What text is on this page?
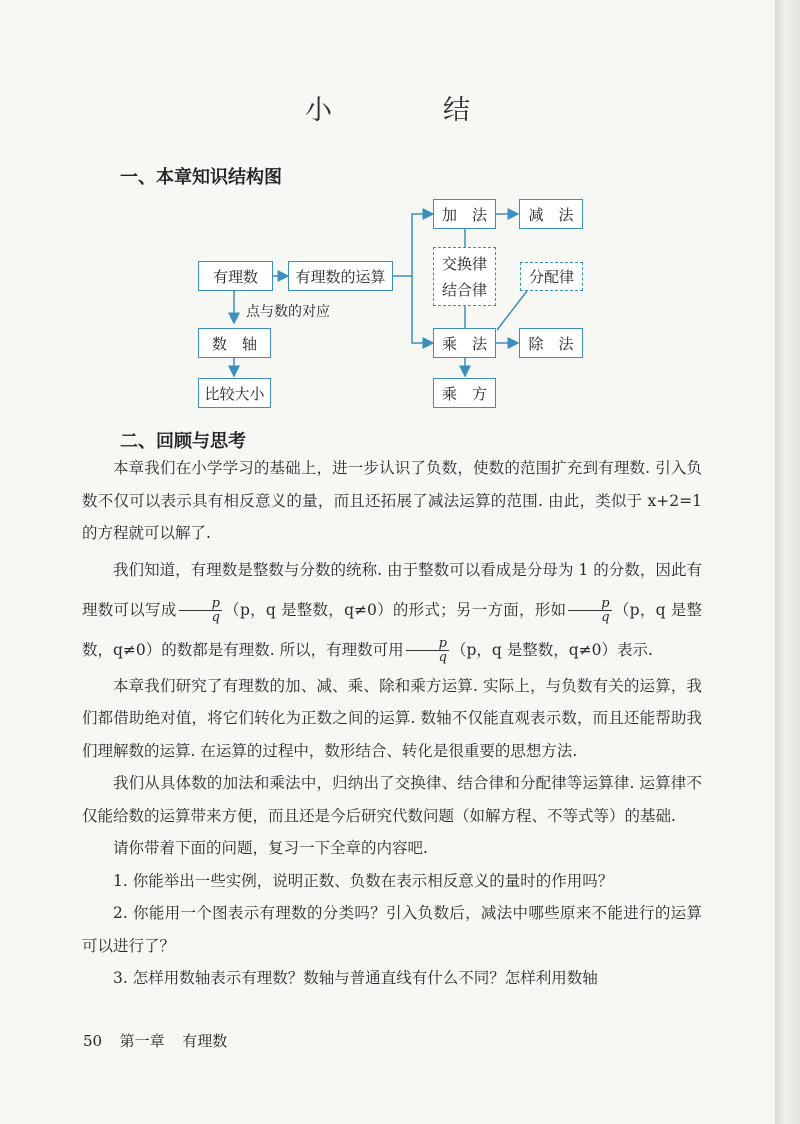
小　结
一、本章知识结构图
有理数	有理数的运算
点与数的对应
数　轴
比较大小
加　法	减　法
交换律
结合律
分配律
乘　法	除　法
乘　方
二、回顾与思考

本章我们在小学学习的基础上，进一步认识了负数，使数的范围扩充到有理数. 引入负数不仅可以表示具有相反意义的量，而且还拓展了减法运算的范围. 由此，类似于 x+2=1 的方程就可以解了.

我们知道，有理数是整数与分数的统称. 由于整数可以看成是分母为 1 的分数，因此有理数可以写成 $\frac{p}{q} (p$，q 是整数，q≠0）的形式；另一方面，形如 $\frac{p}{q} (p$，q 是整数，q≠0）的数都是有理数. 所以，有理数可用 $\frac{p}{q} (p$，q 是整数，q≠0）表示.

本章我们研究了有理数的加、减、乘、除和乘方运算. 实际上，与负数有关的运算，我们都借助绝对值，将它们转化为正数之间的运算. 数轴不仅能直观表示数，而且还能帮助我们理解数的运算. 在运算的过程中，数形结合、转化是很重要的思想方法.

我们从具体数的加法和乘法中，归纳出了交换律、结合律和分配律等运算律. 运算律不仅能给数的运算带来方便，而且还是今后研究代数问题（如解方程、不等式等）的基础.

请你带着下面的问题，复习一下全章的内容吧.

1. 你能举出一些实例，说明正数、负数在表示相反意义的量时的作用吗？

2. 你能用一个图表示有理数的分类吗？引入负数后，减法中哪些原来不能进行的运算可以进行了？

3. 怎样用数轴表示有理数？数轴与普通直线有什么不同？怎样利用数轴

50 第一章 有理数
